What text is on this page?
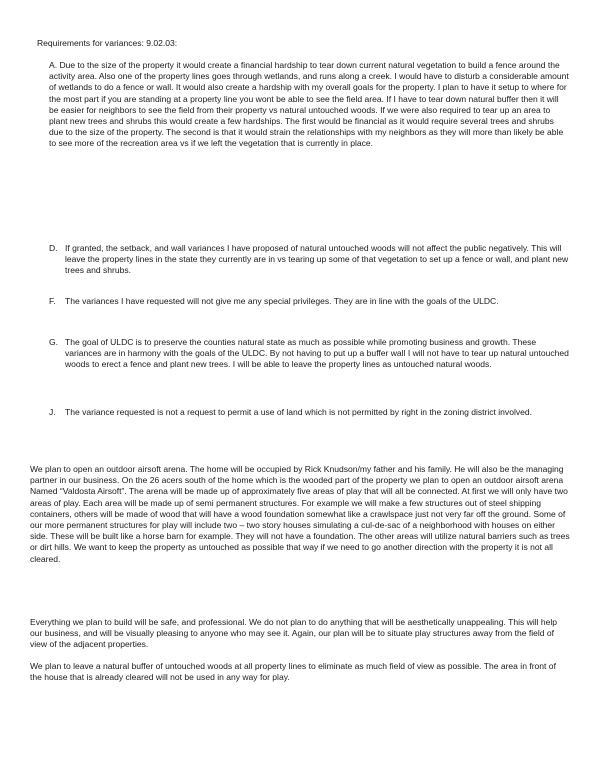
Requirements for variances: 9.02.03:

A. Due to the size of the property it would create a financial hardship to tear down current natural vegetation to build a fence around the activity area. Also one of the property lines goes through wetlands, and runs along a creek. I would have to disturb a considerable amount of wetlands to do a fence or wall. It would also create a hardship with my overall goals for the property. I plan to have it setup to where for the most part if you are standing at a property line you wont be able to see the field area. If I have to tear down natural buffer then it will be easier for neighbors to see the field from their property vs natural untouched woods. If we were also required to tear up an area to plant new trees and shrubs this would create a few hardships. The first would be financial as it would require several trees and shrubs due to the size of the property. The second is that it would strain the relationships with my neighbors as they will more than likely be able to see more of the recreation area vs if we left the vegetation that is currently in place.

D. If granted, the setback, and wall variances I have proposed of natural untouched woods will not affect the public negatively. This will leave the property lines in the state they currently are in vs tearing up some of that vegetation to set up a fence or wall, and plant new trees and shrubs.

F. The variances I have requested will not give me any special privileges. They are in line with the goals of the ULDC.

G. The goal of ULDC is to preserve the counties natural state as much as possible while promoting business and growth. These variances are in harmony with the goals of the ULDC. By not having to put up a buffer wall I will not have to tear up natural untouched woods to erect a fence and plant new trees. I will be able to leave the property lines as untouched natural woods.

J. The variance requested is not a request to permit a use of land which is not permitted by right in the zoning district involved.

We plan to open an outdoor airsoft arena. The home will be occupied by Rick Knudson/my father and his family. He will also be the managing partner in our business. On the 26 acers south of the home which is the wooded part of the property we plan to open an outdoor airsoft arena Named “Valdosta Airsoft”. The arena will be made up of approximately five areas of play that will all be connected. At first we will only have two areas of play. Each area will be made up of semi permanent structures. For example we will make a few structures out of steel shipping containers, others will be made of wood that will have a wood foundation somewhat like a crawlspace just not very far off the ground. Some of our more permanent structures for play will include two – two story houses simulating a cul-de-sac of a neighborhood with houses on either side. These will be built like a horse barn for example. They will not have a foundation. The other areas will utilize natural barriers such as trees or dirt hills. We want to keep the property as untouched as possible that way if we need to go another direction with the property it is not all cleared.

Everything we plan to build will be safe, and professional. We do not plan to do anything that will be aesthetically unappealing. This will help our business, and will be visually pleasing to anyone who may see it. Again, our plan will be to situate play structures away from the field of view of the adjacent properties.

We plan to leave a natural buffer of untouched woods at all property lines to eliminate as much field of view as possible. The area in front of the house that is already cleared will not be used in any way for play.
